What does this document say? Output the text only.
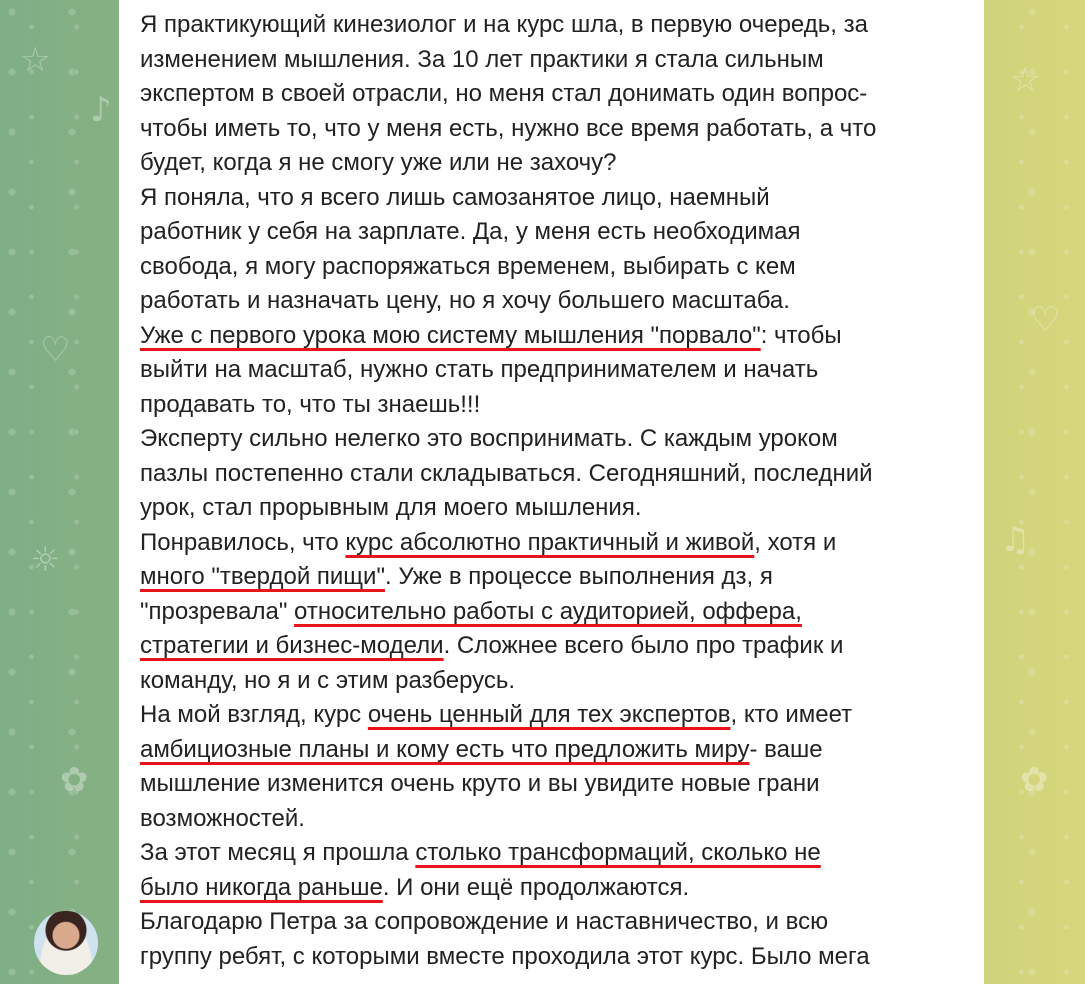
♪
☆
♡
☼
✿
☆
♡
♫
✿
Я практикующий кинезиолог и на курс шла, в первую очередь, за
изменением мышления. За 10 лет практики я стала сильным
экспертом в своей отрасли, но меня стал донимать один вопрос-
чтобы иметь то, что у меня есть, нужно все время работать, а что
будет, когда я не смогу уже или не захочу?
Я поняла, что я всего лишь самозанятое лицо, наемный
работник у себя на зарплате. Да, у меня есть необходимая
свобода, я могу распоряжаться временем, выбирать с кем
работать и назначать цену, но я хочу большего масштаба.
Уже с первого урока мою систему мышления "порвало": чтобы
выйти на масштаб, нужно стать предпринимателем и начать
продавать то, что ты знаешь!!!
Эксперту сильно нелегко это воспринимать. С каждым уроком
пазлы постепенно стали складываться. Сегодняшний, последний
урок, стал прорывным для моего мышления.
Понравилось, что курс абсолютно практичный и живой, хотя и
много "твердой пищи". Уже в процессе выполнения дз, я
"прозревала" относительно работы с аудиторией, оффера,
стратегии и бизнес-модели. Сложнее всего было про трафик и
команду, но я и с этим разберусь.
На мой взгляд, курс очень ценный для тех экспертов, кто имеет
амбициозные планы и кому есть что предложить миру- ваше
мышление изменится очень круто и вы увидите новые грани
возможностей.
За этот месяц я прошла столько трансформаций, сколько не
было никогда раньше. И они ещё продолжаются.
Благодарю Петра за сопровождение и наставничество, и всю
группу ребят, с которыми вместе проходила этот курс. Было мега
